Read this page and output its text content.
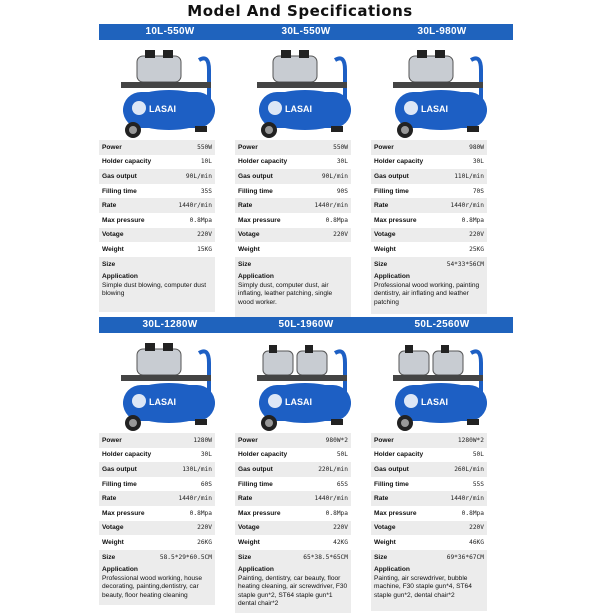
Model And Specifications
10L-550W
LASAI
Power	550W
Holder capacity	10L
Gas output	90L/min
Filling time	35S
Rate	1440r/min
Max pressure	0.8Mpa
Votage	220V
Weight	15KG
Size
Application
Simple dust blowing, computer dust blowing
30L-550W
LASAI
Power	550W
Holder capacity	30L
Gas output	90L/min
Filling time	90S
Rate	1440r/min
Max pressure	0.8Mpa
Votage	220V
Weight
Size
Application
Simply dust, computer dust, air inflating, leather patching, single wood worker.
30L-980W
LASAI
Power	980W
Holder capacity	30L
Gas output	110L/min
Filling time	70S
Rate	1440r/min
Max pressure	0.8Mpa
Votage	220V
Weight	25KG
Size	54*33*56CM
Application
Professional wood working, painting dentistry, air inflating and leather patching
30L-1280W
LASAI
Power	1280W
Holder capacity	30L
Gas output	130L/min
Filling time	60S
Rate	1440r/min
Max pressure	0.8Mpa
Votage	220V
Weight	26KG
Size	58.5*29*60.5CM
Application
Professional wood working, house decorating, painting,dentistry, car beauty, floor heating cleaning
50L-1960W
LASAI
Power	980W*2
Holder capacity	50L
Gas output	220L/min
Filling time	65S
Rate	1440r/min
Max pressure	0.8Mpa
Votage	220V
Weight	42KG
Size	65*38.5*65CM
Application
Painting, dentistry, car beauty, floor heating cleaning, air screwdriver, F30 staple gun*2, ST64 staple gun*1 dental chair*2
50L-2560W
LASAI
Power	1280W*2
Holder capacity	50L
Gas output	260L/min
Filling time	55S
Rate	1440r/min
Max pressure	0.8Mpa
Votage	220V
Weight	46KG
Size	69*36*67CM
Application
Painting, air screwdriver, bubble machine, F30 staple gun*4, ST64 staple gun*2, dental chair*2
